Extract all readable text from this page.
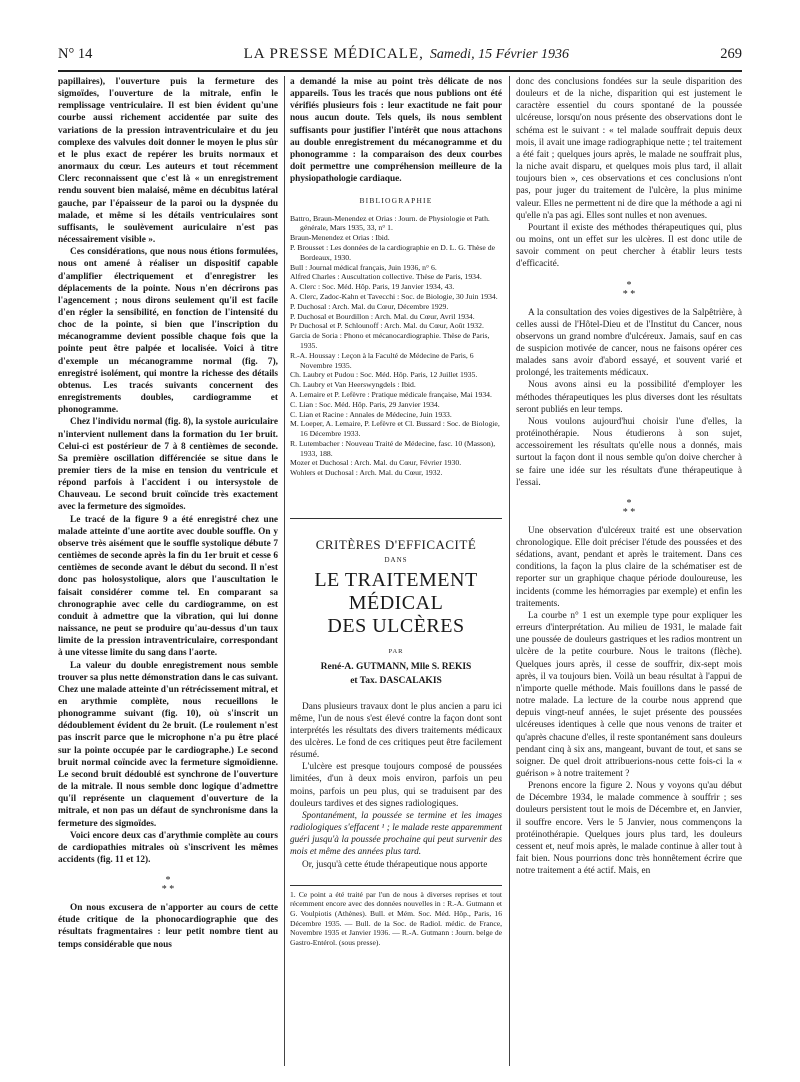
N° 14	LA PRESSE MÉDICALE, Samedi, 15 Février 1936	269

papillaires), l'ouverture puis la fermeture des sigmoïdes, l'ouverture de la mitrale, enfin le remplissage ventriculaire. Il est bien évident qu'une courbe aussi richement accidentée par suite des variations de la pression intraventriculaire et du jeu complexe des valvules doit donner le moyen le plus sûr et le plus exact de repérer les bruits normaux et anormaux du cœur. Les auteurs et tout récemment Clerc reconnaissent que c'est là « un enregistrement rendu souvent bien malaisé, même en décubitus latéral gauche, par l'épaisseur de la paroi ou la dyspnée du malade, et même si les détails ventriculaires sont suffisants, le soulèvement auriculaire n'est pas nécessairement visible ».

Ces considérations, que nous nous étions formulées, nous ont amené à réaliser un dispositif capable d'amplifier électriquement et d'enregistrer les déplacements de la pointe. Nous n'en décrirons pas l'agencement ; nous dirons seulement qu'il est facile d'en régler la sensibilité, en fonction de l'intensité du choc de la pointe, si bien que l'inscription du mécanogramme devient possible chaque fois que la pointe peut être palpée et localisée. Voici à titre d'exemple un mécanogramme normal (fig. 7), enregistré isolément, qui montre la richesse des détails obtenus. Les tracés suivants concernent des enregistrements doubles, cardiogramme et phonogramme.

Chez l'individu normal (fig. 8), la systole auriculaire n'intervient nullement dans la formation du 1er bruit. Celui-ci est postérieur de 7 à 8 centièmes de seconde. Sa première oscillation différenciée se situe dans le premier tiers de la mise en tension du ventricule et répond parfois à l'accident i ou intersystole de Chauveau. Le second bruit coïncide très exactement avec la fermeture des sigmoïdes.

Le tracé de la figure 9 a été enregistré chez une malade atteinte d'une aortite avec double souffle. On y observe très aisément que le souffle systolique débute 7 centièmes de seconde après la fin du 1er bruit et cesse 6 centièmes de seconde avant le début du second. Il n'est donc pas holosystolique, alors que l'auscultation le faisait considérer comme tel. En comparant sa chronographie avec celle du cardiogramme, on est conduit à admettre que la vibration, qui lui donne naissance, ne peut se produire qu'au-dessus d'un taux limite de la pression intraventriculaire, correspondant à une vitesse limite du sang dans l'aorte.

La valeur du double enregistrement nous semble trouver sa plus nette démonstration dans le cas suivant. Chez une malade atteinte d'un rétrécissement mitral, et en arythmie complète, nous recueillons le phonogramme suivant (fig. 10), où s'inscrit un dédoublement évident du 2e bruit. (Le roulement n'est pas inscrit parce que le microphone n'a pu être placé sur la pointe occupée par le cardiographe.) Le second bruit normal coïncide avec la fermeture sigmoïdienne. Le second bruit dédoublé est synchrone de l'ouverture de la mitrale. Il nous semble donc logique d'admettre qu'il représente un claquement d'ouverture de la mitrale, et non pas un défaut de synchronisme dans la fermeture des sigmoïdes.

Voici encore deux cas d'arythmie complète au cours de cardiopathies mitrales où s'inscrivent les mêmes accidents (fig. 11 et 12).

*
* *

On nous excusera de n'apporter au cours de cette étude critique de la phonocardiographie que des résultats fragmentaires : leur petit nombre tient au temps considérable que nous

a demandé la mise au point très délicate de nos appareils. Tous les tracés que nous publions ont été vérifiés plusieurs fois : leur exactitude ne fait pour nous aucun doute. Tels quels, ils nous semblent suffisants pour justifier l'intérêt que nous attachons au double enregistrement du mécanogramme et du phonogramme : la comparaison des deux courbes doit permettre une compréhension meilleure de la physiopathologie cardiaque.

BIBLIOGRAPHIE
Battro, Braun-Menendez et Orias : Journ. de Physiologie et Path. générale, Mars 1935, 33, n° 1.
Braun-Menendez et Orias : Ibid.
P. Brousset : Les données de la cardiographie en D. L. G. Thèse de Bordeaux, 1930.
Bull : Journal médical français, Juin 1936, n° 6.
Alfred Charles : Auscultation collective. Thèse de Paris, 1934.
A. Clerc : Soc. Méd. Hôp. Paris, 19 Janvier 1934, 43.
A. Clerc, Zadoc-Kahn et Tavecchi : Soc. de Biologie, 30 Juin 1934.
P. Duchosal : Arch. Mal. du Cœur, Décembre 1929.
P. Duchosal et Bourdillon : Arch. Mal. du Cœur, Avril 1934.
Pr Duchosal et P. Schlounoff : Arch. Mal. du Cœur, Août 1932.
Garcia de Soria : Phono et mécanocardiographie. Thèse de Paris, 1935.
R.-A. Houssay : Leçon à la Faculté de Médecine de Paris, 6 Novembre 1935.
Ch. Laubry et Pudou : Soc. Méd. Hôp. Paris, 12 Juillet 1935.
Ch. Laubry et Van Heerswyngdels : Ibid.
A. Lemaire et P. Lefèvre : Pratique médicale française, Mai 1934.
C. Lian : Soc. Méd. Hôp. Paris, 29 Janvier 1934.
C. Lian et Racine : Annales de Médecine, Juin 1933.
M. Loeper, A. Lemaire, P. Lefèvre et Cl. Bussard : Soc. de Biologie, 16 Décembre 1933.
R. Lutembacher : Nouveau Traité de Médecine, fasc. 10 (Masson), 1933, 188.
Mozer et Duchosal : Arch. Mal. du Cœur, Février 1930.
Wohlers et Duchosal : Arch. Mal. du Cœur, 1932.
CRITÈRES D'EFFICACITÉ
DANS
LE TRAITEMENT MÉDICAL
DES ULCÈRES
PAR
René-A. GUTMANN, Mlle S. REKIS
et Tax. DASCALAKIS

Dans plusieurs travaux dont le plus ancien a paru ici même, l'un de nous s'est élevé contre la façon dont sont interprétés les résultats des divers traitements médicaux des ulcères. Le fond de ces critiques peut être facilement résumé.

L'ulcère est presque toujours composé de poussées limitées, d'un à deux mois environ, parfois un peu moins, parfois un peu plus, qui se traduisent par des douleurs tardives et des signes radiologiques.

Spontanément, la poussée se termine et les images radiologiques s'effacent ¹ ; le malade reste apparemment guéri jusqu'à la poussée prochaine qui peut survenir des mois et même des années plus tard.

Or, jusqu'à cette étude thérapeutique nous apporte

1. Ce point a été traité par l'un de nous à diverses reprises et tout récemment encore avec des données nouvelles in : R.-A. Gutmann et G. Voulpiotis (Athènes). Bull. et Mém. Soc. Méd. Hôp., Paris, 16 Décembre 1935. — Bull. de la Soc. de Radiol. médic. de France, Novembre 1935 et Janvier 1936. — R.-A. Gutmann : Journ. belge de Gastro-Entérol. (sous presse).

donc des conclusions fondées sur la seule disparition des douleurs et de la niche, disparition qui est justement le caractère essentiel du cours spontané de la poussée ulcéreuse, lorsqu'on nous présente des observations dont le schéma est le suivant : « tel malade souffrait depuis deux mois, il avait une image radiographique nette ; tel traitement a été fait ; quelques jours après, le malade ne souffrait plus, la niche avait disparu, et quelques mois plus tard, il allait toujours bien », ces observations et ces conclusions n'ont pas, pour juger du traitement de l'ulcère, la plus minime valeur. Elles ne permettent ni de dire que la méthode a agi ni qu'elle n'a pas agi. Elles sont nulles et non avenues.

Pourtant il existe des méthodes thérapeutiques qui, plus ou moins, ont un effet sur les ulcères. Il est donc utile de savoir comment on peut chercher à établir leurs tests d'efficacité.

*
* *

A la consultation des voies digestives de la Salpêtrière, à celles aussi de l'Hôtel-Dieu et de l'Institut du Cancer, nous observons un grand nombre d'ulcéreux. Jamais, sauf en cas de suspicion motivée de cancer, nous ne faisons opérer ces malades sans avoir d'abord essayé, et souvent varié et prolongé, les traitements médicaux.

Nous avons ainsi eu la possibilité d'employer les méthodes thérapeutiques les plus diverses dont les résultats seront publiés en leur temps.

Nous voulons aujourd'hui choisir l'une d'elles, la protéinothérapie. Nous étudierons à son sujet, accessoirement les résultats qu'elle nous a donnés, mais surtout la façon dont il nous semble qu'on doive chercher à se faire une idée sur les résultats d'une thérapeutique à l'essai.

*
* *

Une observation d'ulcéreux traité est une observation chronologique. Elle doit préciser l'étude des poussées et des sédations, avant, pendant et après le traitement. Dans ces conditions, la façon la plus claire de la schématiser est de reporter sur un graphique chaque période douloureuse, les incidents (comme les hémorragies par exemple) et enfin les traitements.

La courbe n° 1 est un exemple type pour expliquer les erreurs d'interprétation. Au milieu de 1931, le malade fait une poussée de douleurs gastriques et les radios montrent un ulcère de la petite courbure. Nous le traitons (flèche). Quelques jours après, il cesse de souffrir, dix-sept mois après, il va toujours bien. Voilà un beau résultat à l'appui de n'importe quelle méthode. Mais fouillons dans le passé de notre malade. La lecture de la courbe nous apprend que depuis vingt-neuf années, le sujet présente des poussées ulcéreuses identiques à celle que nous venons de traiter et qu'après chacune d'elles, il reste spontanément sans douleurs pendant cinq à six ans, mangeant, buvant de tout, et sans se soigner. De quel droit attribuerions-nous cette fois-ci la « guérison » à notre traitement ?

Prenons encore la figure 2. Nous y voyons qu'au début de Décembre 1934, le malade commence à souffrir ; ses douleurs persistent tout le mois de Décembre et, en Janvier, il souffre encore. Vers le 5 Janvier, nous commençons la protéinothérapie. Quelques jours plus tard, les douleurs cessent et, neuf mois après, le malade continue à aller tout à fait bien. Nous pourrions donc très honnêtement écrire que notre traitement a été actif. Mais, en
